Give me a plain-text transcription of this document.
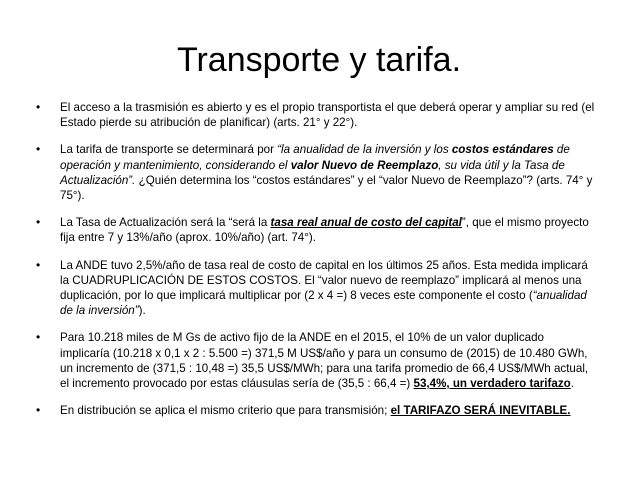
Transporte y tarifa.
• El acceso a la trasmisión es abierto y es el propio transportista el que deberá operar y ampliar su red (el Estado pierde su atribución de planificar) (arts. 21° y 22°).
• La tarifa de transporte se determinará por “la anualidad de la inversión y los costos estándares de operación y mantenimiento, considerando el valor Nuevo de Reemplazo, su vida útil y la Tasa de Actualización”. ¿Quién determina los “costos estándares” y el “valor Nuevo de Reemplazo”? (arts. 74° y 75°).
• La Tasa de Actualización será la “será la tasa real anual de costo del capital”, que el mismo proyecto fija entre 7 y 13%/año (aprox. 10%/año) (art. 74°).
• La ANDE tuvo 2,5%/año de tasa real de costo de capital en los últimos 25 años. Esta medida implicará la CUADRUPLICACIÓN DE ESTOS COSTOS. El “valor nuevo de reemplazo” implicará al menos una duplicación, por lo que implicará multiplicar por (2 x 4 =) 8 veces este componente el costo (“anualidad de la inversión”).
• Para 10.218 miles de M Gs de activo fijo de la ANDE en el 2015, el 10% de un valor duplicado implicaría (10.218 x 0,1 x 2 : 5.500 =) 371,5 M US$/año y para un consumo de (2015) de 10.480 GWh, un incremento de (371,5 : 10,48 =) 35,5 US$/MWh; para una tarifa promedio de 66,4 US$/MWh actual, el incremento provocado por estas cláusulas sería de (35,5 : 66,4 =) 53,4%, un verdadero tarifazo.
• En distribución se aplica el mismo criterio que para transmisión; el TARIFAZO SERÁ INEVITABLE.
